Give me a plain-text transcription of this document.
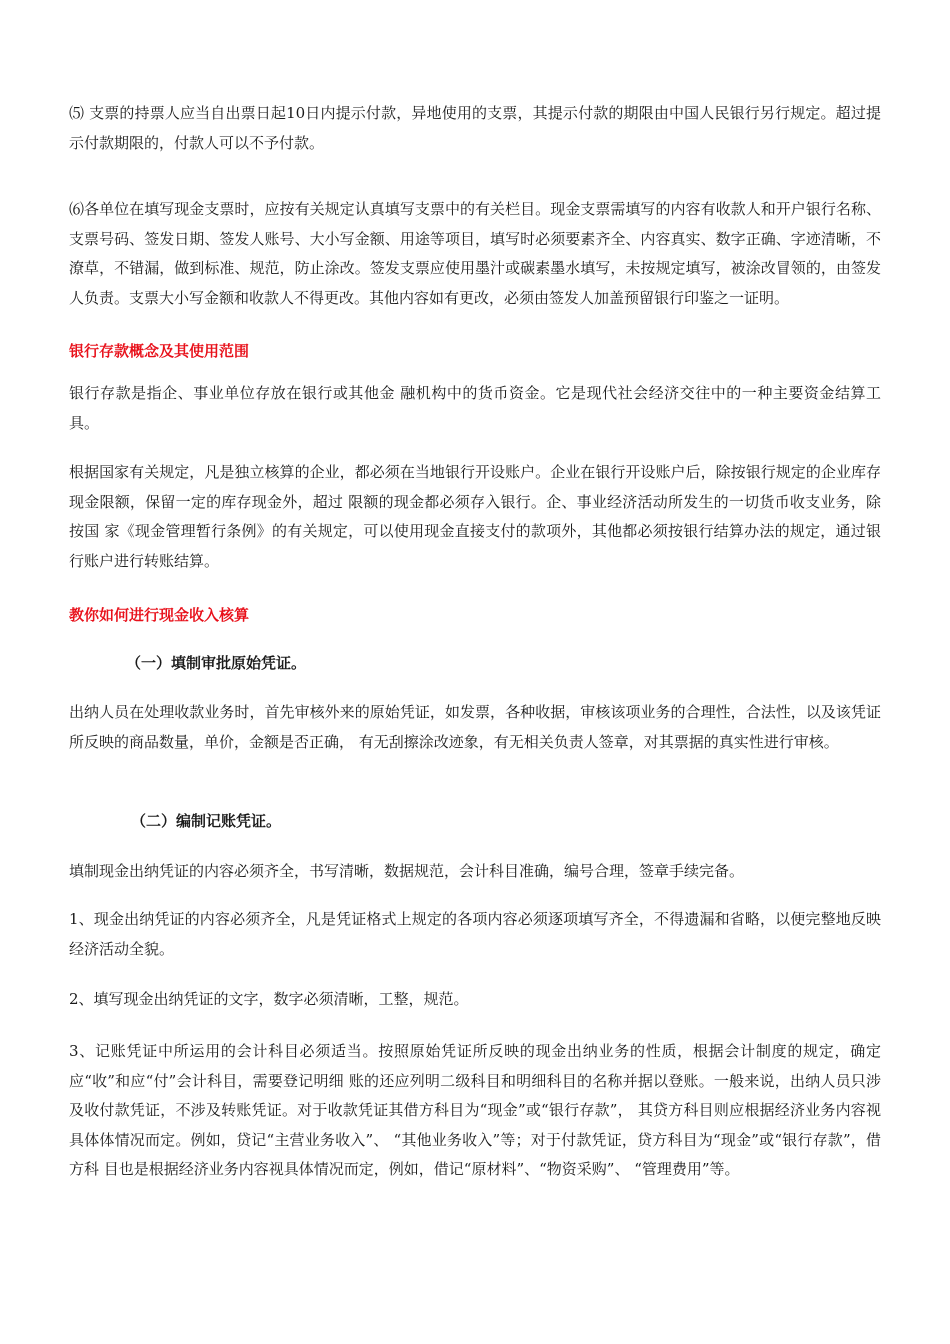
⑸ 支票的持票人应当自出票日起10日内提示付款，异地使用的支票，其提示付款的期限由中国人民银行另行规定。超过提示付款期限的，付款人可以不予付款。

⑹各单位在填写现金支票时，应按有关规定认真填写支票中的有关栏目。现金支票需填写的内容有收款人和开户银行名称、支票号码、签发日期、签发人账号、大小写金额、用途等项目，填写时必须要素齐全、内容真实、数字正确、字迹清晰，不潦草，不错漏，做到标准、规范，防止涂改。签发支票应使用墨汁或碳素墨水填写，未按规定填写，被涂改冒领的，由签发人负责。支票大小写金额和收款人不得更改。其他内容如有更改，必须由签发人加盖预留银行印鉴之一证明。

银行存款概念及其使用范围

银行存款是指企、事业单位存放在银行或其他金 融机构中的货币资金。它是现代社会经济交往中的一种主要资金结算工具。

根据国家有关规定，凡是独立核算的企业，都必须在当地银行开设账户。企业在银行开设账户后，除按银行规定的企业库存现金限额，保留一定的库存现金外，超过 限额的现金都必须存入银行。企、事业经济活动所发生的一切货币收支业务，除按国 家《现金管理暂行条例》的有关规定，可以使用现金直接支付的款项外，其他都必须按银行结算办法的规定，通过银行账户进行转账结算。

教你如何进行现金收入核算
（一）填制审批原始凭证。

出纳人员在处理收款业务时，首先审核外来的原始凭证，如发票，各种收据，审核该项业务的合理性，合法性，以及该凭证所反映的商品数量，单价，金额是否正确， 有无刮擦涂改迹象，有无相关负责人签章，对其票据的真实性进行审核。

（二）编制记账凭证。

填制现金出纳凭证的内容必须齐全，书写清晰，数据规范，会计科目准确，编号合理，签章手续完备。

1、现金出纳凭证的内容必须齐全，凡是凭证格式上规定的各项内容必须逐项填写齐全，不得遗漏和省略，以便完整地反映经济活动全貌。

2、填写现金出纳凭证的文字，数字必须清晰，工整，规范。

3、记账凭证中所运用的会计科目必须适当。按照原始凭证所反映的现金出纳业务的性质，根据会计制度的规定，确定应“收”和应“付”会计科目，需要登记明细 账的还应列明二级科目和明细科目的名称并据以登账。一般来说，出纳人员只涉及收付款凭证，不涉及转账凭证。对于收款凭证其借方科目为“现金”或“银行存款”， 其贷方科目则应根据经济业务内容视具体体情况而定。例如，贷记“主营业务收入”、 “其他业务收入”等；对于付款凭证，贷方科目为“现金”或“银行存款”，借方科 目也是根据经济业务内容视具体情况而定，例如，借记“原材料”、“物资采购”、 “管理费用”等。
